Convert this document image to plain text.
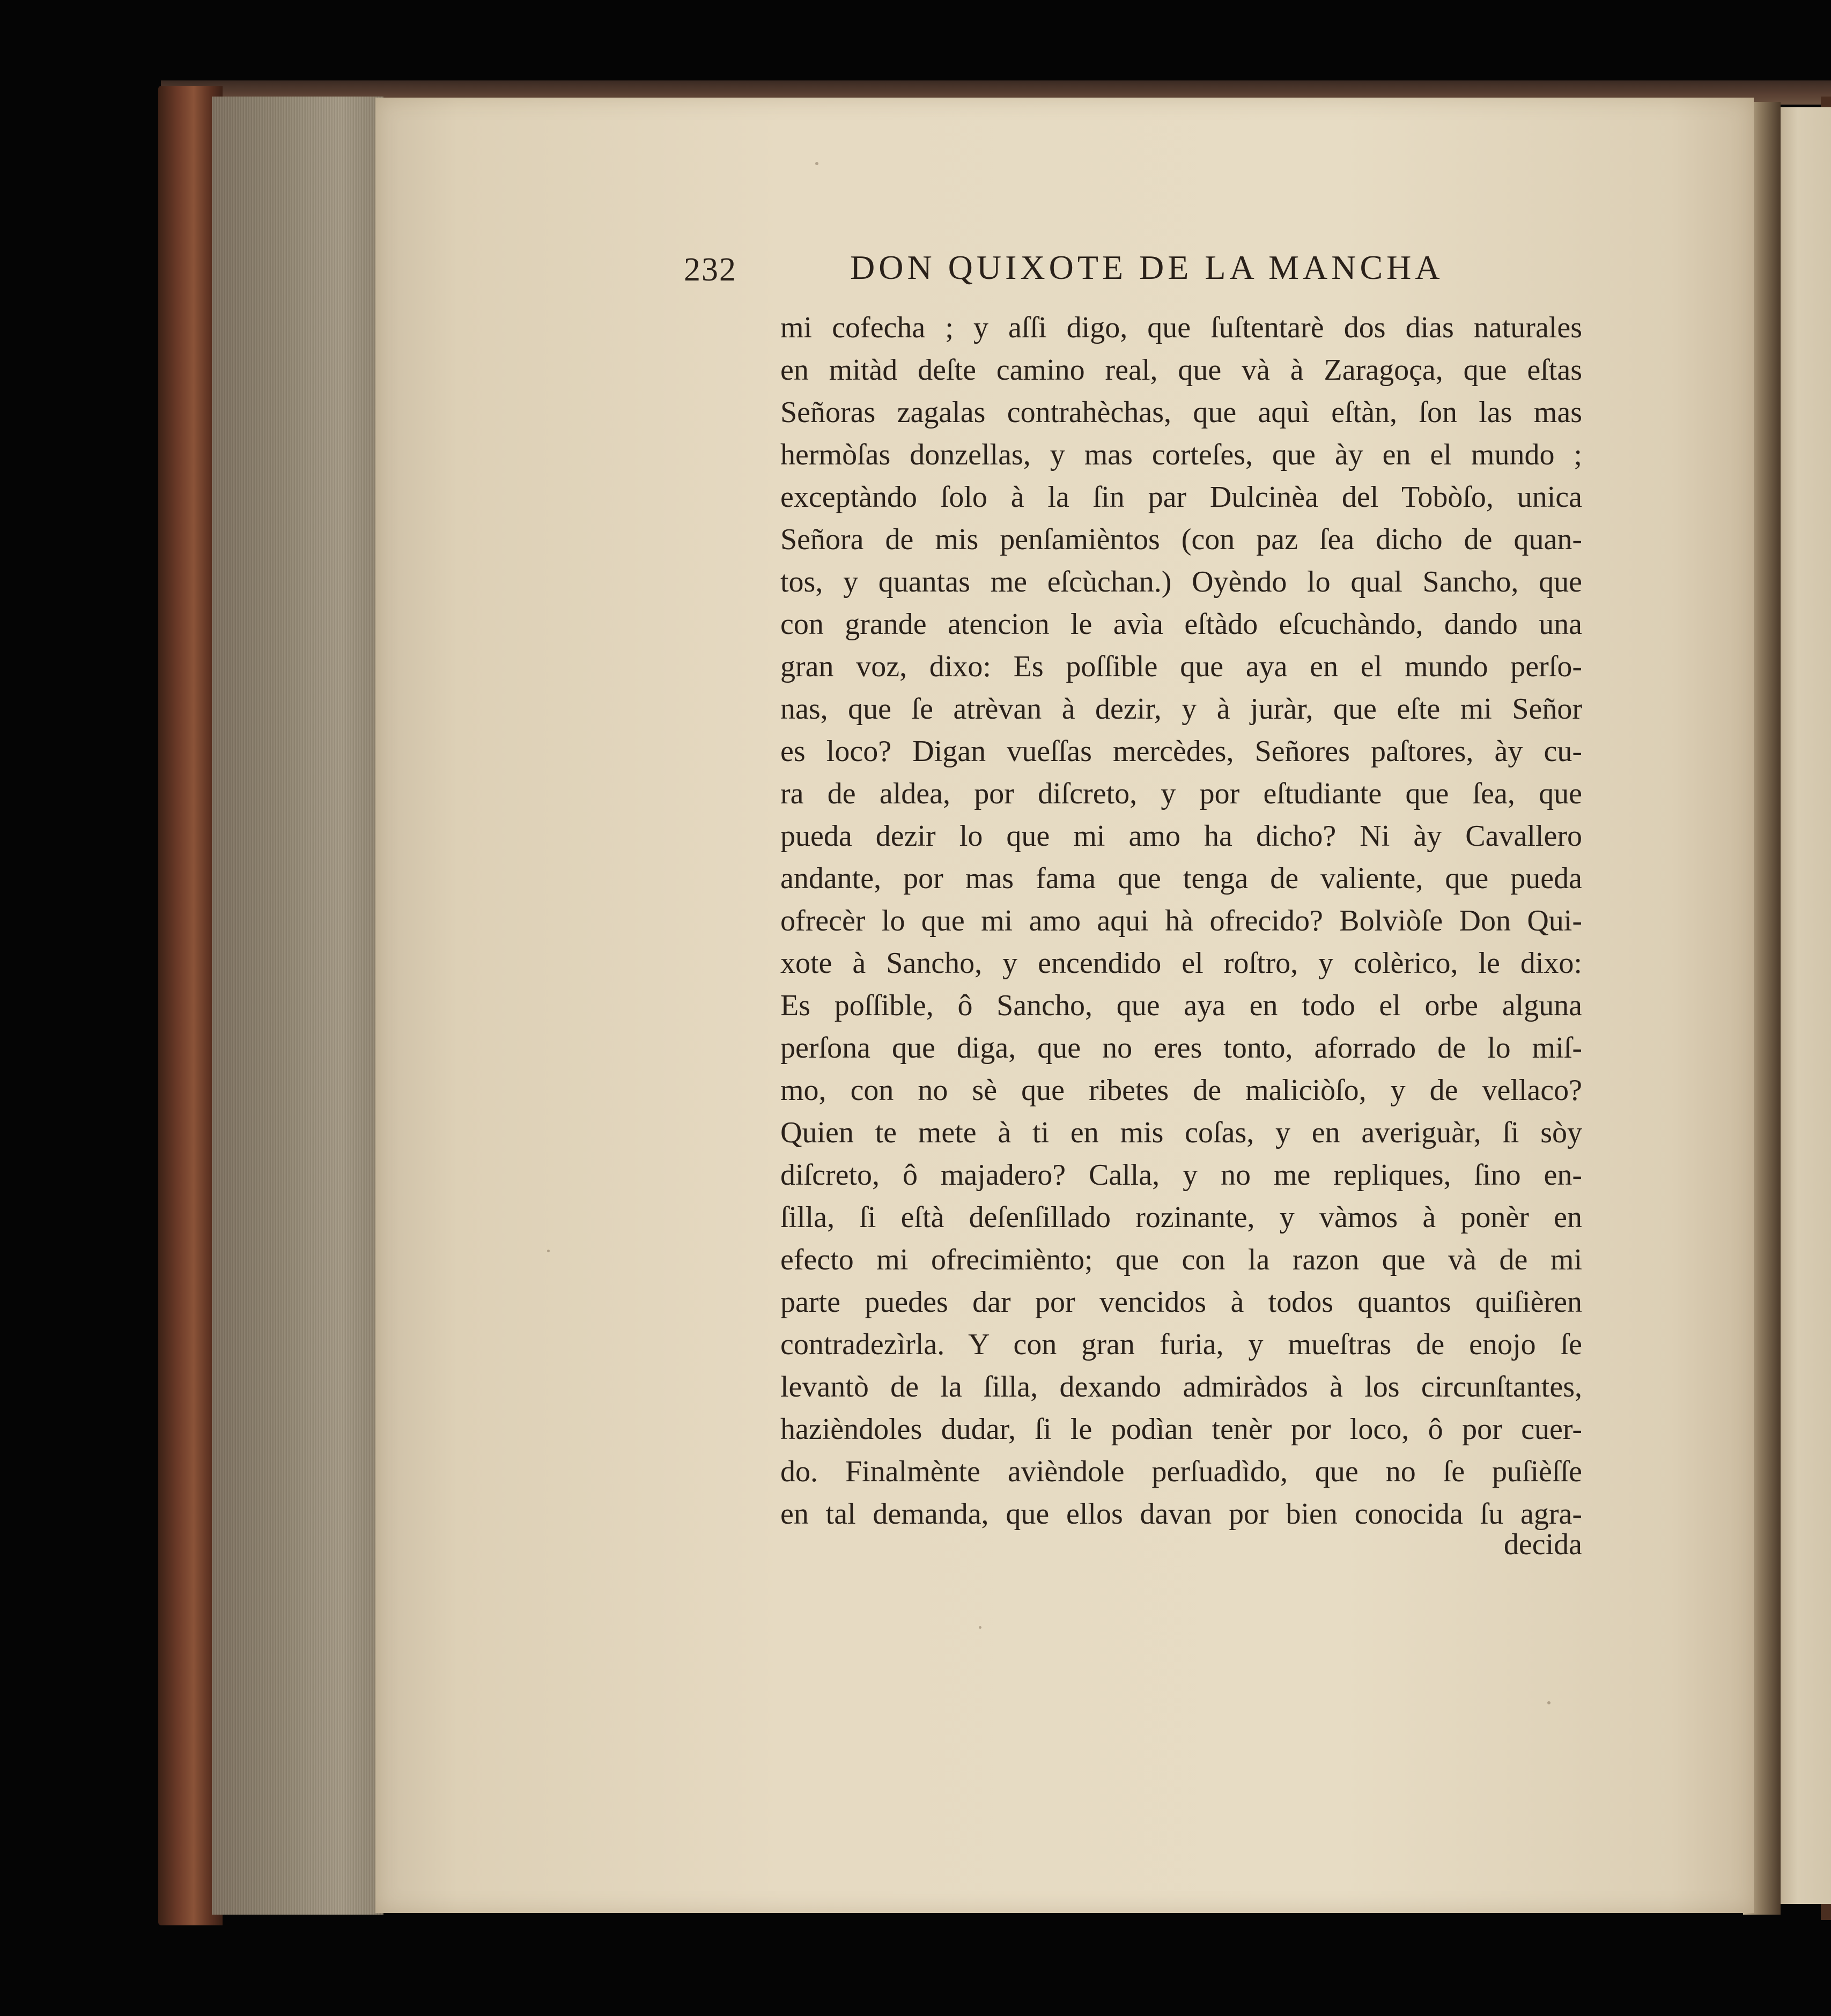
232	DON QUIXOTE DE LA MANCHA
mi cofecha ; y aſſi digo, que ſuſtentarè dos dias naturales
en mitàd deſte camino real, que và à Zaragoça, que eſtas
Señoras zagalas contrahèchas, que aquì eſtàn, ſon las mas
hermòſas donzellas, y mas corteſes, que ày en el mundo ;
exceptàndo ſolo à la ſin par Dulcinèa del Tobòſo, unica
Señora de mis penſamièntos (con paz ſea dicho de quan-
tos, y quantas me eſcùchan.) Oyèndo lo qual Sancho, que
con grande atencion le avìa eſtàdo eſcuchàndo, dando una
gran voz, dixo: Es poſſible que aya en el mundo perſo-
nas, que ſe atrèvan à dezir, y à juràr, que eſte mi Señor
es loco? Digan vueſſas mercèdes, Señores paſtores, ày cu-
ra de aldea, por diſcreto, y por eſtudiante que ſea, que
pueda dezir lo que mi amo ha dicho? Ni ày Cavallero
andante, por mas fama que tenga de valiente, que pueda
ofrecèr lo que mi amo aqui hà ofrecido? Bolviòſe Don Qui-
xote à Sancho, y encendido el roſtro, y colèrico, le dixo:
Es poſſible, ô Sancho, que aya en todo el orbe alguna
perſona que diga, que no eres tonto, aforrado de lo miſ-
mo, con no sè que ribetes de maliciòſo, y de vellaco?
Quien te mete à ti en mis coſas, y en averiguàr, ſi sòy
diſcreto, ô majadero? Calla, y no me repliques, ſino en-
ſilla, ſi eſtà deſenſillado rozinante, y vàmos à ponèr en
efecto mi ofrecimiènto; que con la razon que và de mi
parte puedes dar por vencidos à todos quantos quiſièren
contradezìrla. Y con gran furia, y mueſtras de enojo ſe
levantò de la ſilla, dexando admiràdos à los circunſtantes,
hazièndoles dudar, ſi le podìan tenèr por loco, ô por cuer-
do. Finalmènte avièndole perſuadìdo, que no ſe puſièſſe
en tal demanda, que ellos davan por bien conocida ſu agra-
decida
